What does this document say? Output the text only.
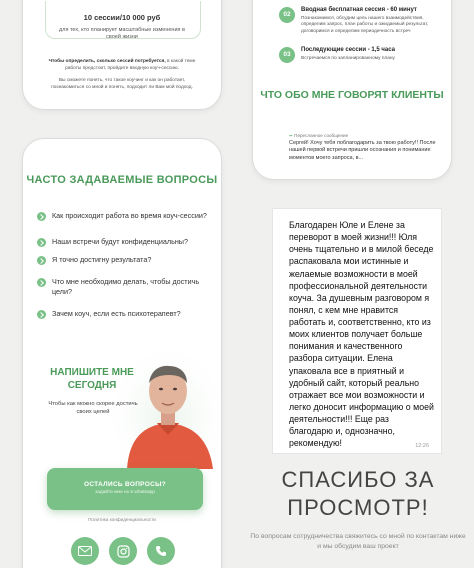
10 сессии/10 000 руб
для тех, кто планирует масштабные изменения в своей жизни
Чтобы определить, сколько сессий потребуется, в какой теме работы предстоит, пройдите вводную коуч-сессию.
Вы сможете понять, что такое коучинг и как он работает, познакомиться со мной и понять, подходит ли Вам мой подход.
02
Вводная бесплатная сессия - 60 минут
Познакомимся, обсудим цель нашего взаимодействия, определим запрос, план работы и ожидаемый результат, договоримся и определим периодичность встреч
03
Последующие сессии - 1,5 часа
Встречаемся по запланированному плану
ЧТО ОБО МНЕ ГОВОРЯТ КЛИЕНТЫ
➦ Пересланное сообщение
Сергей! Хочу тебя поблагодарить за твою работу!! После нашей первой встречи пришли осознания и понимание моментов моего запроса, в...
ЧАСТО ЗАДАВАЕМЫЕ ВОПРОСЫ
Как происходит работа во время коуч-сессии?
Наши встречи будут конфиденциальны?
Я точно достигну результата?
Что мне необходимо делать, чтобы достичь цели?
Зачем коуч, если есть психотерапевт?
НАПИШИТЕ МНЕ СЕГОДНЯ
Чтобы как можно скорее достичь своих целей
ОСТАЛИСЬ ВОПРОСЫ?
задайте мне их в whatsapp
Политика конфиденциальности
Благодарен Юле и Елене за переворот в моей жизни!!! Юля очень тщательно и в милой беседе распаковала мои истинные и желаемые возможности в моей профессиональной деятельности коуча. За душевным разговором я понял, с кем мне нравится работать и, соответственно, кто из моих клиентов получает больше понимания и качественного разбора ситуации. Елена упаковала все в приятный и удобный сайт, который реально отражает все мои возможности и легко доносит информацию о моей деятельности!!! Еще раз благодарю и, однозначно, рекомендую!	12:26
СПАСИБО ЗА ПРОСМОТР!
По вопросам сотрудничества свяжитесь со мной по контактам ниже и мы обсудим ваш проект
